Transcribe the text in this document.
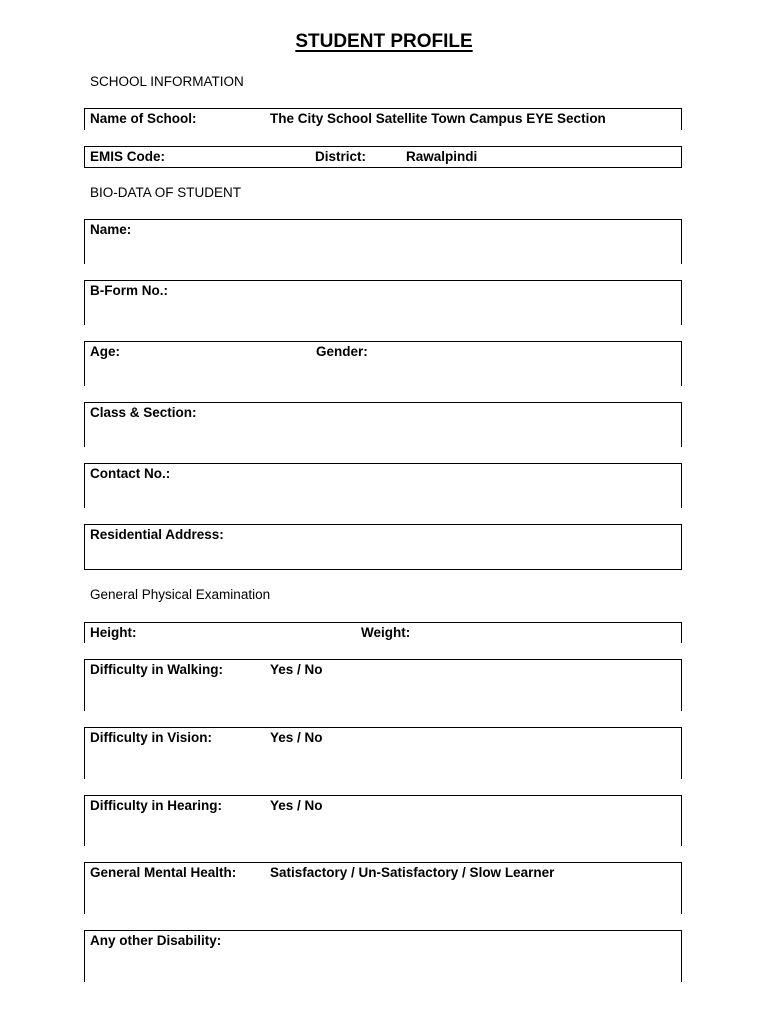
STUDENT PROFILE
SCHOOL INFORMATION
Name of School:	The City School Satellite Town Campus EYE Section
EMIS Code:	District:	Rawalpindi
BIO-DATA OF STUDENT
Name:
B-Form No.:
Age:	Gender:
Class & Section:
Contact No.:
Residential Address:
General Physical Examination
Height:	Weight:
Difficulty in Walking:	Yes / No
Difficulty in Vision:	Yes / No
Difficulty in Hearing:	Yes / No
General Mental Health: Satisfactory / Un-Satisfactory / Slow Learner
Any other Disability:
